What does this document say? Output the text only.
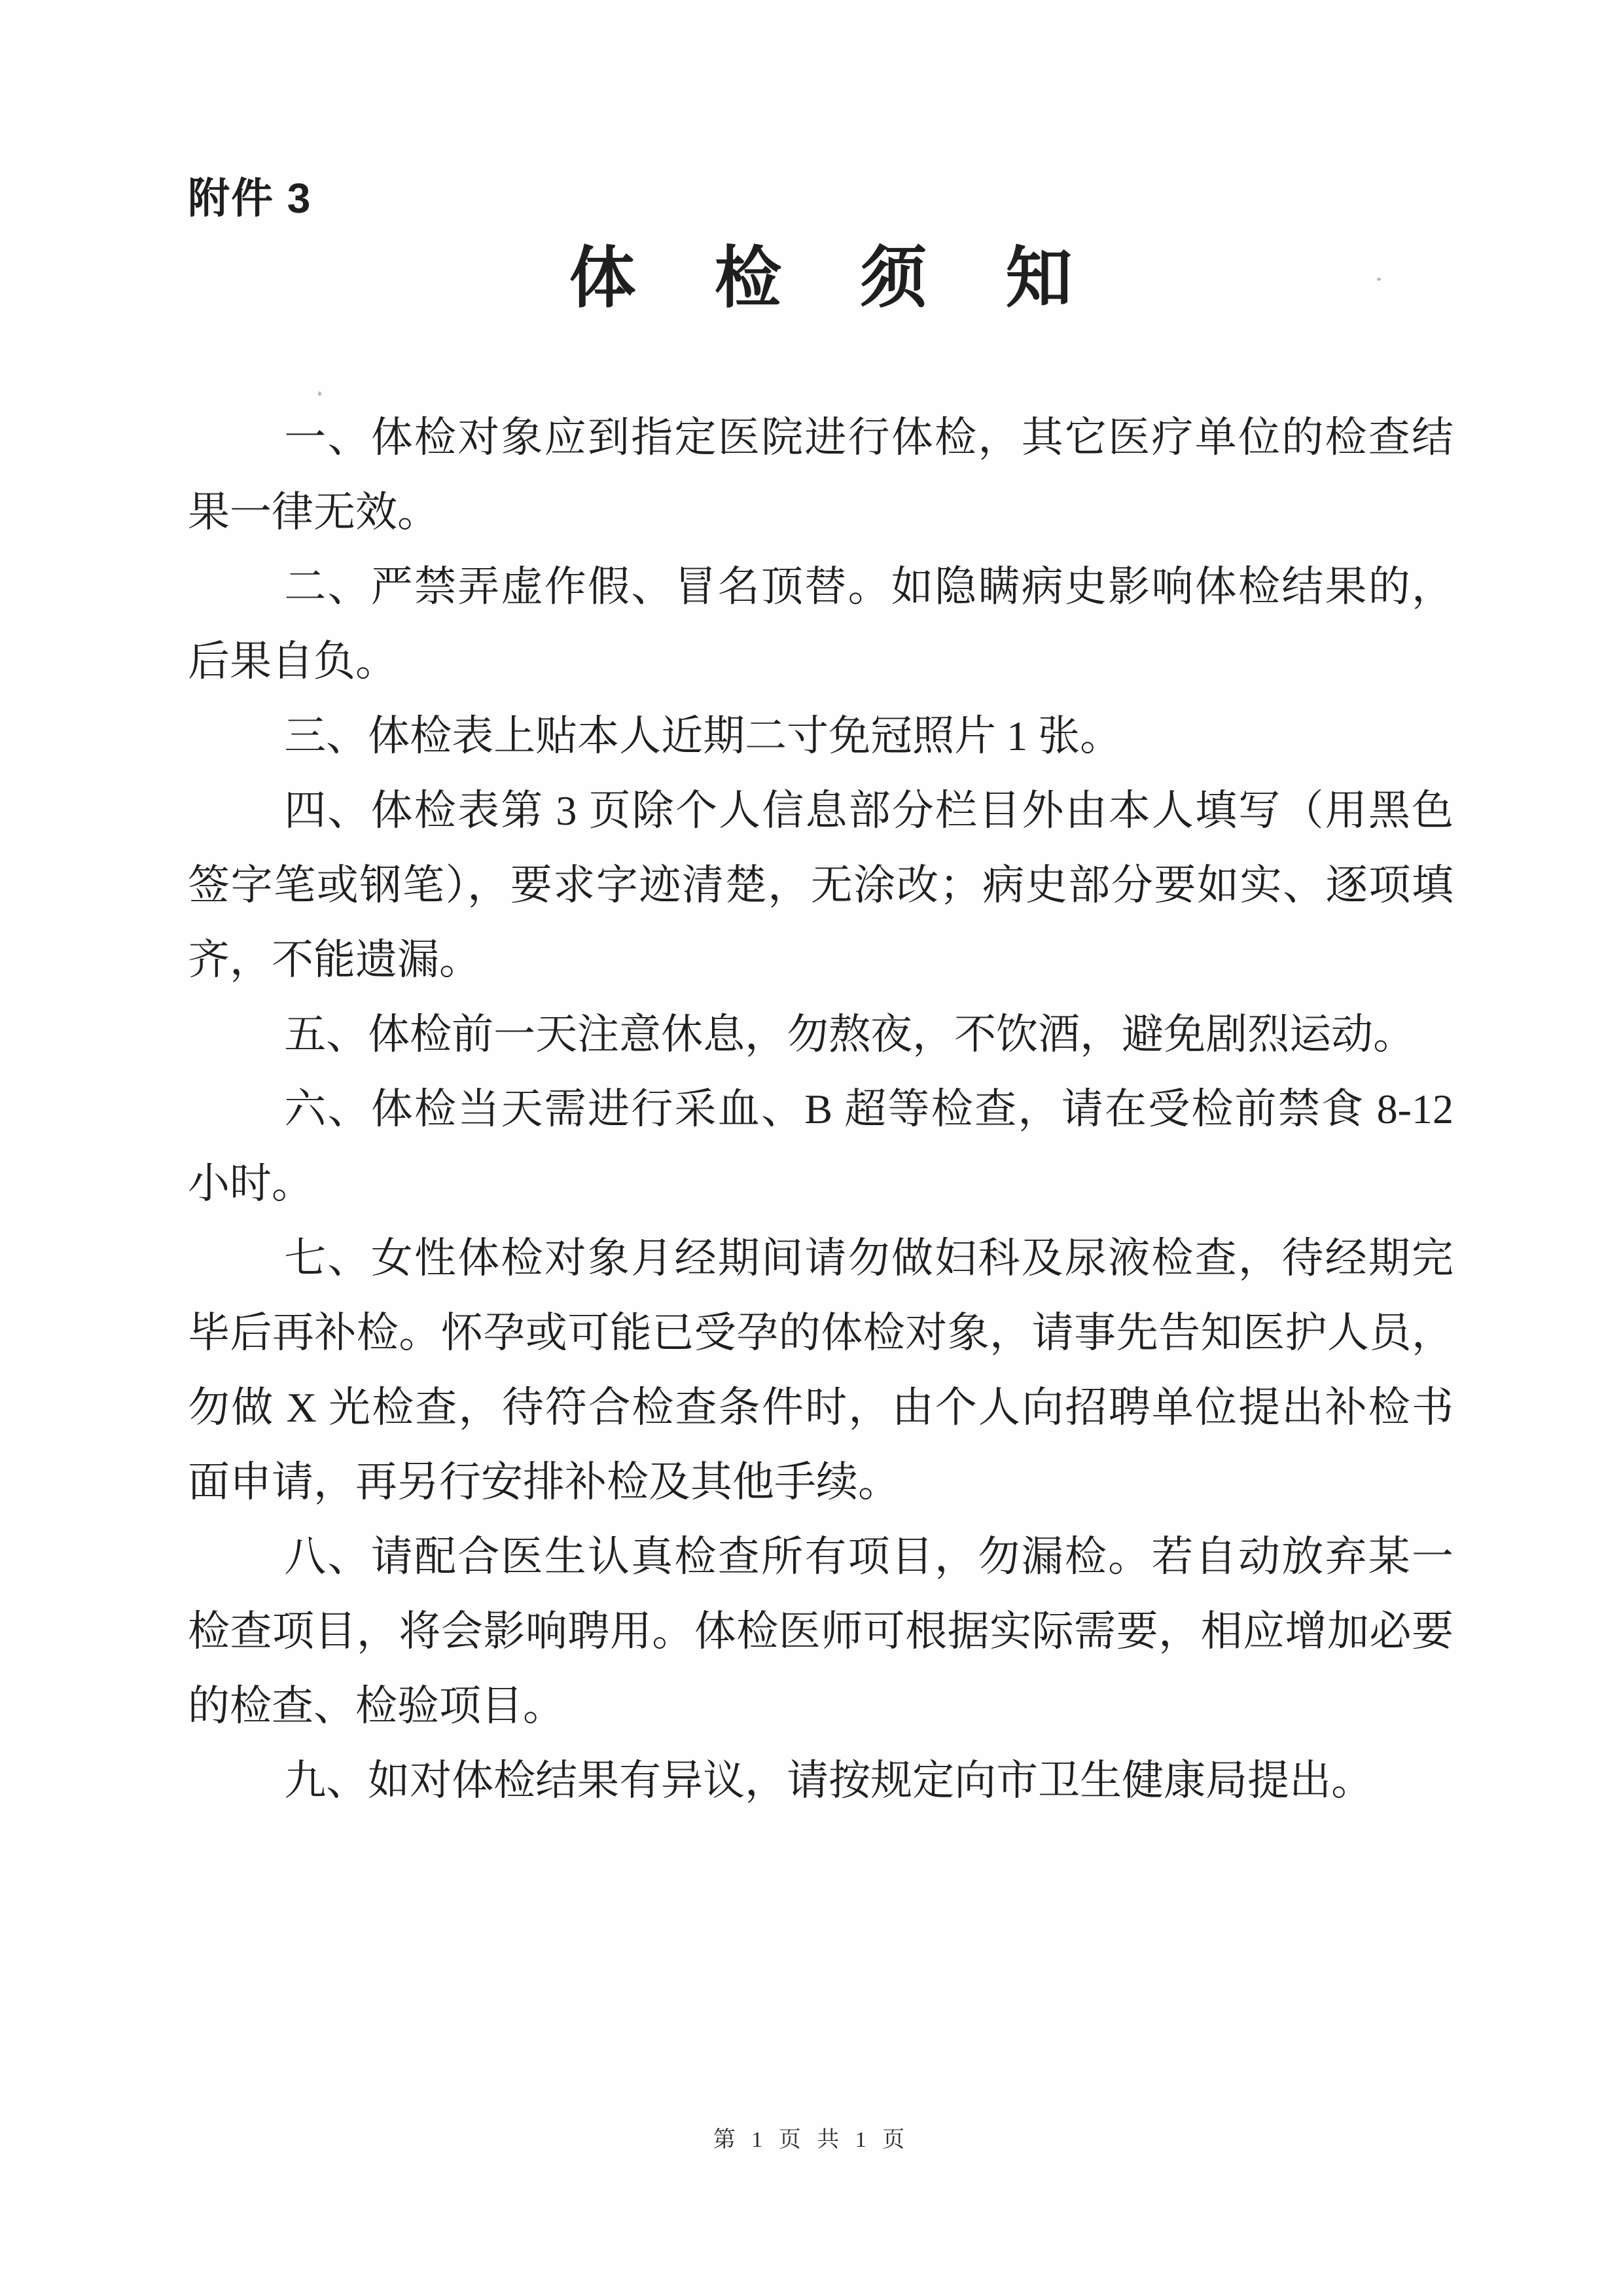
附件 3
体 检 须 知

一、体检对象应到指定医院进行体检，其它医疗单位的检查结果一律无效。

二、严禁弄虚作假、冒名顶替。如隐瞒病史影响体检结果的，后果自负。

三、体检表上贴本人近期二寸免冠照片 1 张。

四、体检表第 3 页除个人信息部分栏目外由本人填写（用黑色签字笔或钢笔），要求字迹清楚，无涂改；病史部分要如实、逐项填齐，不能遗漏。

五、体检前一天注意休息，勿熬夜，不饮酒，避免剧烈运动。

六、体检当天需进行采血、B 超等检查，请在受检前禁食 8-12 小时。

七、女性体检对象月经期间请勿做妇科及尿液检查，待经期完毕后再补检。怀孕或可能已受孕的体检对象，请事先告知医护人员，勿做 X 光检查，待符合检查条件时，由个人向招聘单位提出补检书面申请，再另行安排补检及其他手续。

八、请配合医生认真检查所有项目，勿漏检。若自动放弃某一检查项目，将会影响聘用。体检医师可根据实际需要，相应增加必要的检查、检验项目。

九、如对体检结果有异议，请按规定向市卫生健康局提出。

第 1 页 共 1 页
